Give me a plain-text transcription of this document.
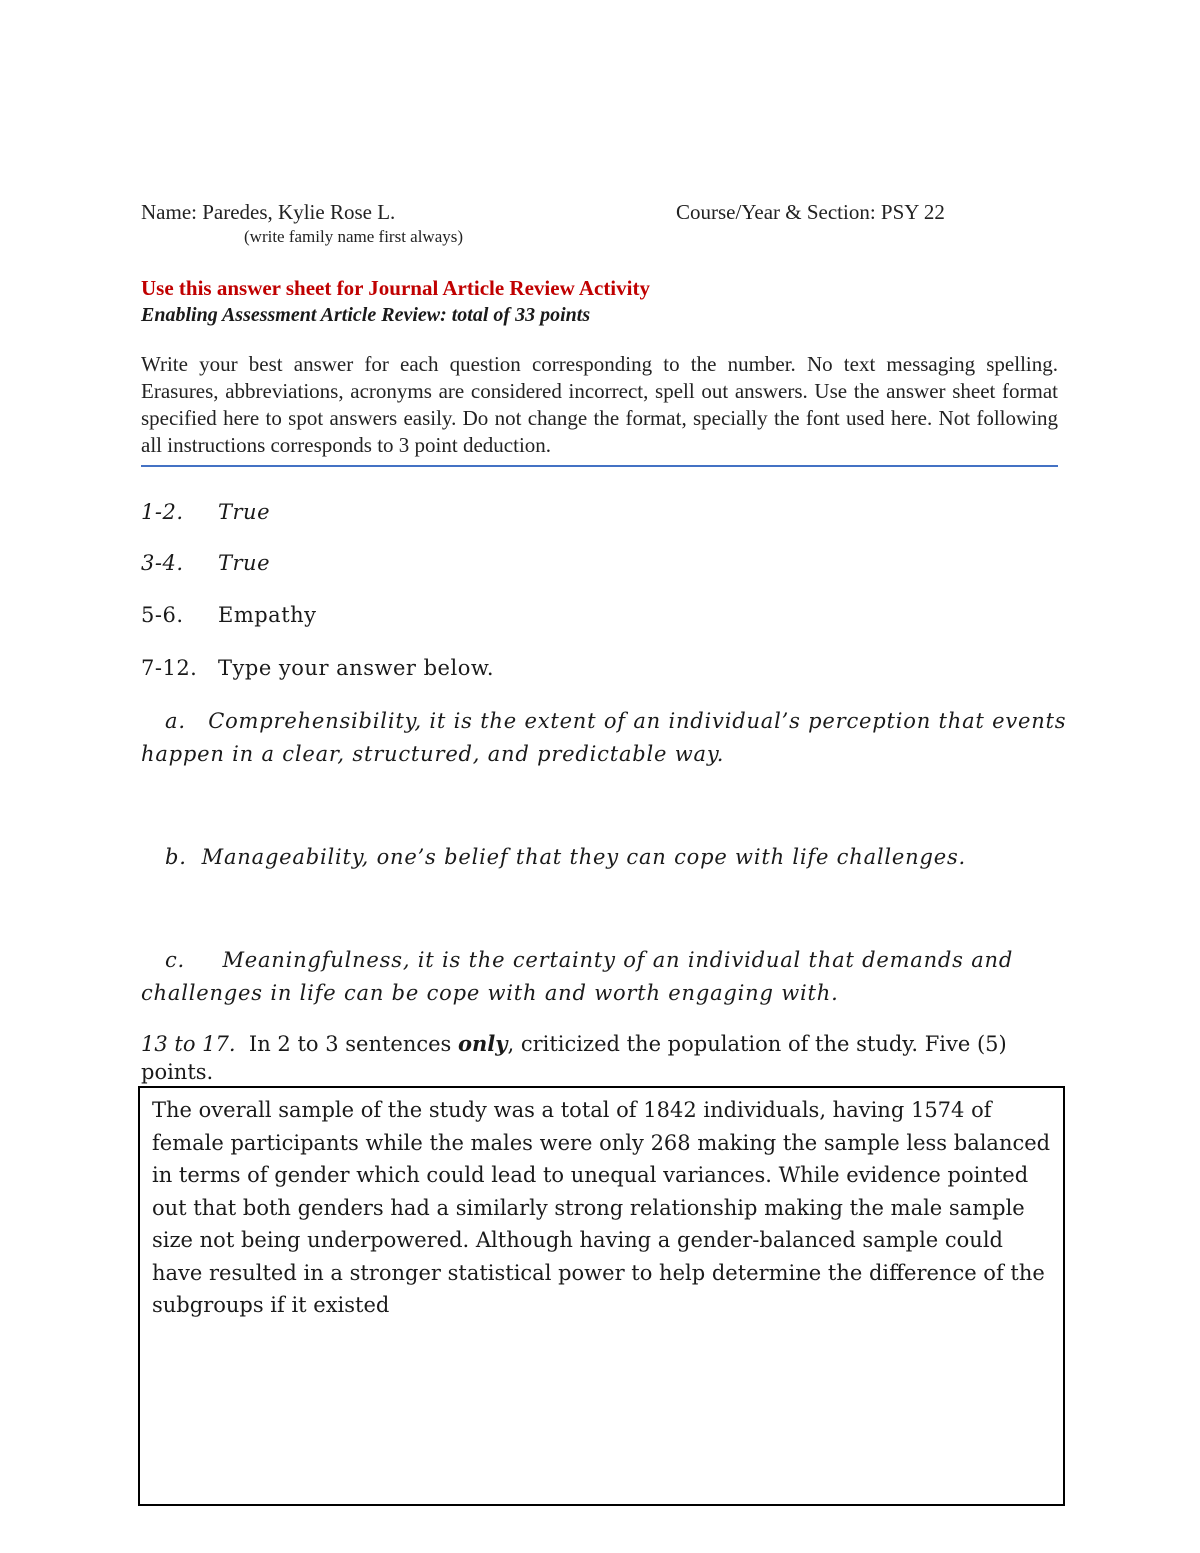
Name: Paredes, Kylie Rose L.	Course/Year & Section: PSY 22
(write family name first always)
Use this answer sheet for Journal Article Review Activity
Enabling Assessment Article Review: total of 33 points
Write your best answer for each question corresponding to the number. No text messaging spelling. Erasures, abbreviations, acronyms are considered incorrect, spell out answers. Use the answer sheet format specified here to spot answers easily. Do not change the format, specially the font used here. Not following all instructions corresponds to 3 point deduction.
1-2. True
3-4. True
5-6. Empathy
7-12. Type your answer below.
a. Comprehensibility, it is the extent of an individual’s perception that events happen in a clear, structured, and predictable way.
b. Manageability, one’s belief that they can cope with life challenges.
c. Meaningfulness, it is the certainty of an individual that demands and challenges in life can be cope with and worth engaging with.
13 to 17. In 2 to 3 sentences only, criticized the population of the study. Five (5) points.
The overall sample of the study was a total of 1842 individuals, having 1574 of female participants while the males were only 268 making the sample less balanced in terms of gender which could lead to unequal variances. While evidence pointed out that both genders had a similarly strong relationship making the male sample size not being underpowered. Although having a gender-balanced sample could have resulted in a stronger statistical power to help determine the difference of the subgroups if it existed
